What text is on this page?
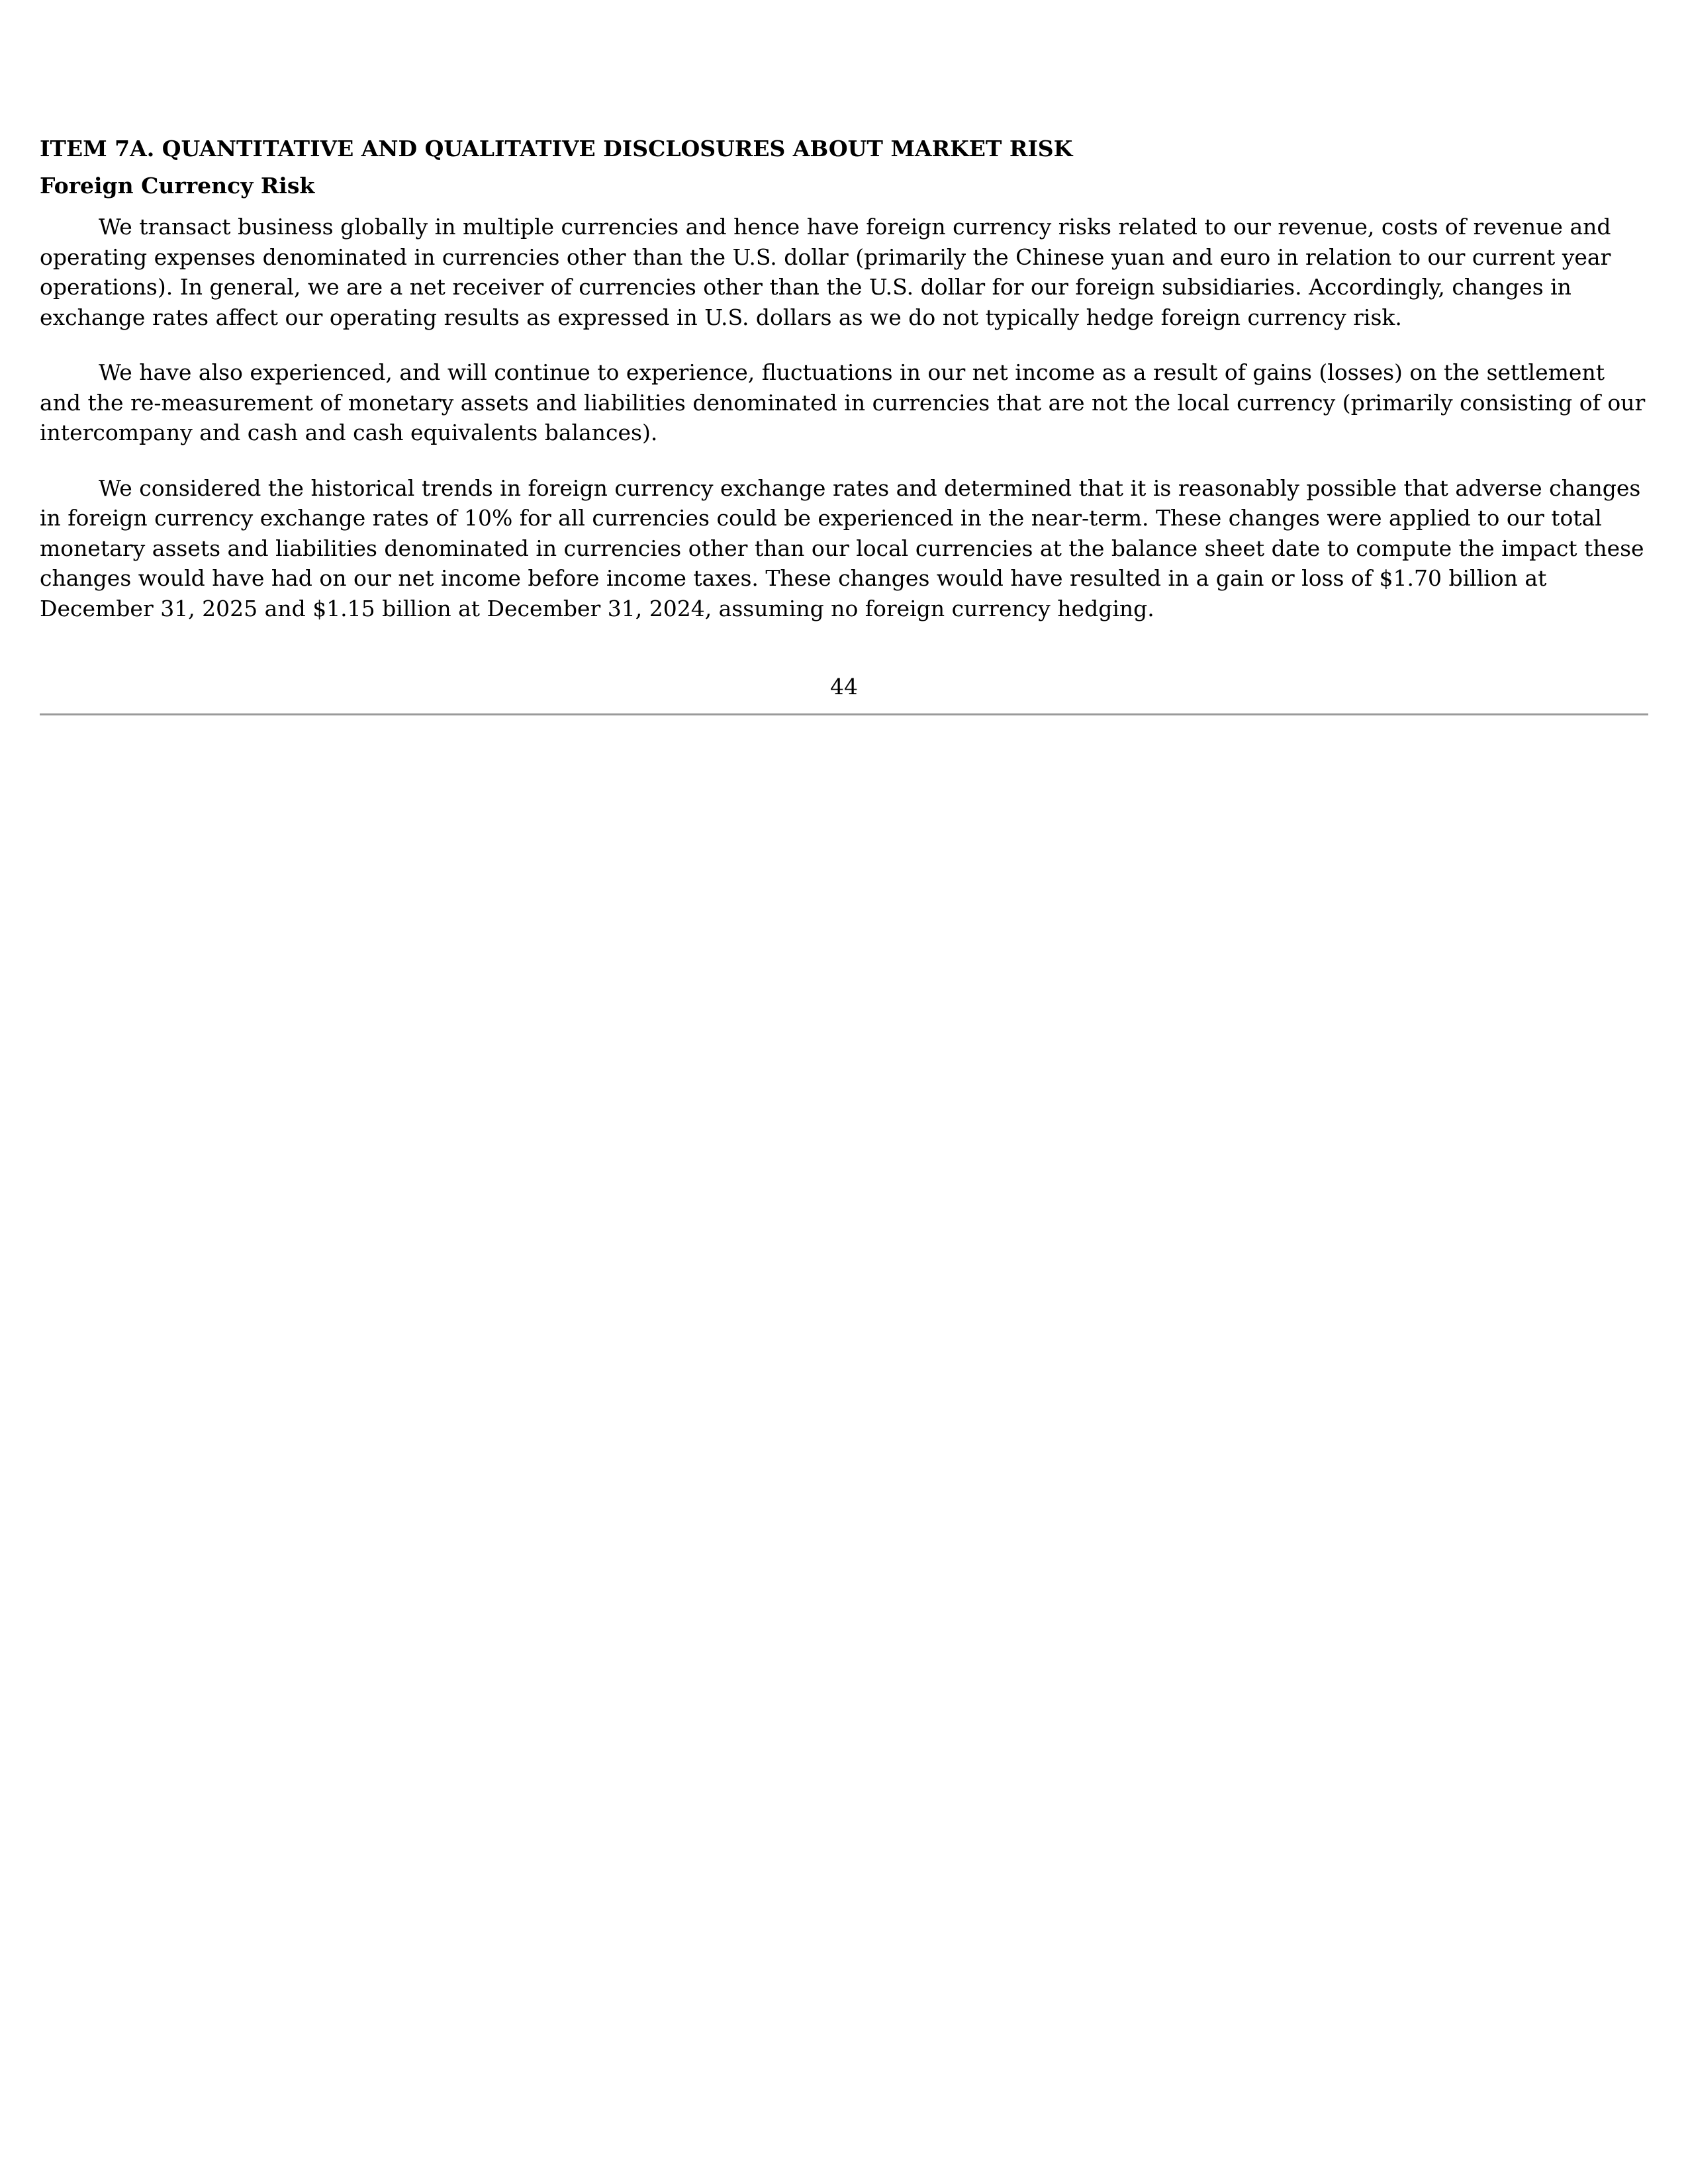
ITEM 7A. QUANTITATIVE AND QUALITATIVE DISCLOSURES ABOUT MARKET RISK
Foreign Currency Risk

We transact business globally in multiple currencies and hence have foreign currency risks related to our revenue, costs of revenue and operating expenses denominated in currencies other than the U.S. dollar (primarily the Chinese yuan and euro in relation to our current year operations). In general, we are a net receiver of currencies other than the U.S. dollar for our foreign subsidiaries. Accordingly, changes in exchange rates affect our operating results as expressed in U.S. dollars as we do not typically hedge foreign currency risk.

We have also experienced, and will continue to experience, fluctuations in our net income as a result of gains (losses) on the settlement and the re-measurement of monetary assets and liabilities denominated in currencies that are not the local currency (primarily consisting of our intercompany and cash and cash equivalents balances).

We considered the historical trends in foreign currency exchange rates and determined that it is reasonably possible that adverse changes in foreign currency exchange rates of 10% for all currencies could be experienced in the near-term. These changes were applied to our total monetary assets and liabilities denominated in currencies other than our local currencies at the balance sheet date to compute the impact these changes would have had on our net income before income taxes. These changes would have resulted in a gain or loss of $1.70 billion at December 31, 2025 and $1.15 billion at December 31, 2024, assuming no foreign currency hedging.

44
